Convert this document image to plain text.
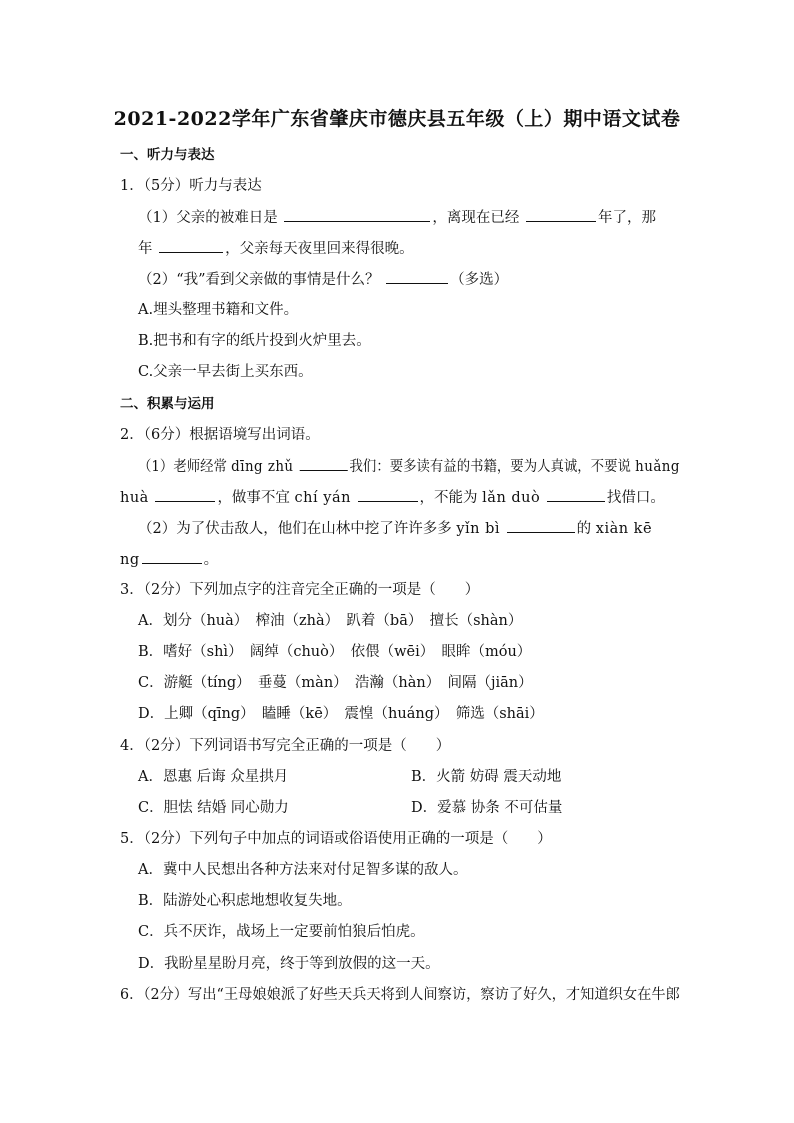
2021-2022学年广东省肇庆市德庆县五年级（上）期中语文试卷
一、听力与表达
1．（5分）听力与表达
（1）父亲的被难日是	，离现在已经	年了，那
年	，父亲每天夜里回来得很晚。
（2）“我”看到父亲做的事情是什么？	（多选）
A.埋头整理书籍和文件。
B.把书和有字的纸片投到火炉里去。
C.父亲一早去街上买东西。
二、积累与运用
2．（6分）根据语境写出词语。
（1）老师经常 dīng zhǔ	我们：要多读有益的书籍，要为人真诚，不要说 huǎng
huà	，做事不宜 chí yán	，不能为 lǎn duò	找借口。
（2）为了伏击敌人，他们在山林中挖了许许多多 yǐn bì	的 xiàn kē
ng	。
3．（2分）下列加点字的注音完全正确的一项是（　　）
A．划分（huà）　榨油（zhà）　趴着（bā）　擅长（shàn）
B．嗜好（shì）　阔绰（chuò）　依偎（wēi）　眼眸（móu）
C．游艇（tíng）　垂蔓（màn）　浩瀚（hàn）　间隔（jiān）
D．上卿（qīng）　瞌睡（kē）　震惶（huáng）　筛选（shāi）
4．（2分）下列词语书写完全正确的一项是（　　）
A．恩惠 后诲 众星拱月	B．火箭 妨碍 震天动地
C．胆怯 结婚 同心勋力	D．爱慕 协条 不可估量
5．（2分）下列句子中加点的词语或俗语使用正确的一项是（　　）
A．冀中人民想出各种方法来对付足智多谋的敌人。
B．陆游处心积虑地想收复失地。
C．兵不厌诈，战场上一定要前怕狼后怕虎。
D．我盼星星盼月亮，终于等到放假的这一天。
6．（2分）写出“王母娘娘派了好些天兵天将到人间察访，察访了好久，才知道织女在牛郎
